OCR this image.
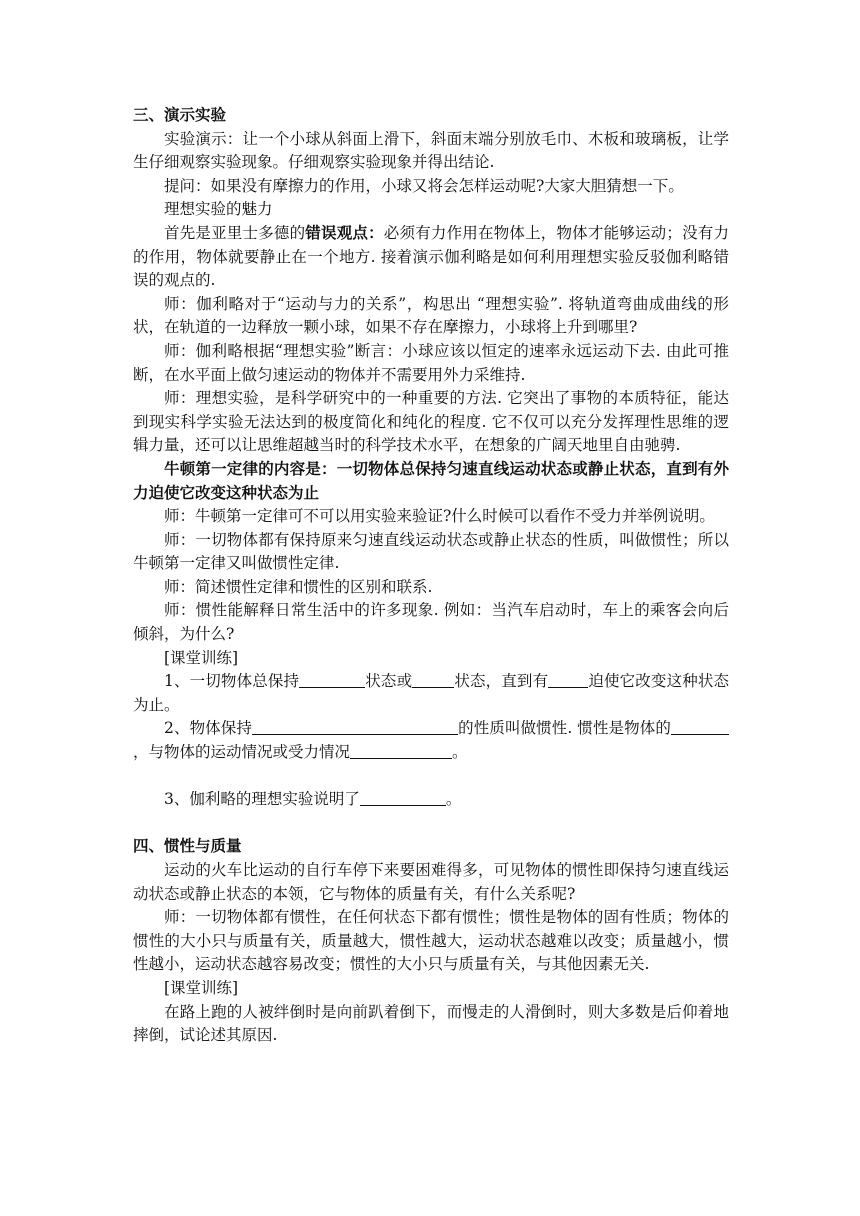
三、演示实验

实验演示：让一个小球从斜面上滑下，斜面末端分别放毛巾、木板和玻璃板，让学生仔细观察实验现象。仔细观察实验现象并得出结论.

提问：如果没有摩擦力的作用，小球又将会怎样运动呢?大家大胆猜想一下。

理想实验的魅力

首先是亚里士多德的错误观点：必须有力作用在物体上，物体才能够运动；没有力的作用，物体就要静止在一个地方. 接着演示伽利略是如何利用理想实验反驳伽利略错误的观点的.

师：伽利略对于“运动与力的关系”，构思出 “理想实验”. 将轨道弯曲成曲线的形状，在轨道的一边释放一颗小球，如果不存在摩擦力，小球将上升到哪里?

师：伽利略根据“理想实验”断言：小球应该以恒定的速率永远运动下去. 由此可推断，在水平面上做匀速运动的物体并不需要用外力采维持.

师：理想实验，是科学研究中的一种重要的方法. 它突出了事物的本质特征，能达到现实科学实验无法达到的极度简化和纯化的程度. 它不仅可以充分发挥理性思维的逻辑力量，还可以让思维超越当时的科学技术水平，在想象的广阔天地里自由驰骋.

牛顿第一定律的内容是：一切物体总保持匀速直线运动状态或静止状态，直到有外力迫使它改变这种状态为止

师：牛顿第一定律可不可以用实验来验证?什么时候可以看作不受力并举例说明。

师：一切物体都有保持原来匀速直线运动状态或静止状态的性质，叫做惯性；所以牛顿第一定律又叫做惯性定律.

师：简述惯性定律和惯性的区别和联系.

师：惯性能解释日常生活中的许多现象. 例如：当汽车启动时，车上的乘客会向后倾斜，为什么?

[课堂训练]

1、一切物体总保持	状态或	状态，直到有	迫使它改变这种状态为止。

2、物体保持	的性质叫做惯性. 惯性是物体的，与物体的运动情况或受力情况	。

3、伽利略的理想实验说明了	。

四、惯性与质量

运动的火车比运动的自行车停下来要困难得多，可见物体的惯性即保持匀速直线运动状态或静止状态的本领，它与物体的质量有关，有什么关系呢?

师：一切物体都有惯性，在任何状态下都有惯性；惯性是物体的固有性质；物体的惯性的大小只与质量有关，质量越大，惯性越大，运动状态越难以改变；质量越小，惯性越小，运动状态越容易改变；惯性的大小只与质量有关，与其他因素无关.

[课堂训练]

在路上跑的人被绊倒时是向前趴着倒下，而慢走的人滑倒时，则大多数是后仰着地摔倒，试论述其原因.
